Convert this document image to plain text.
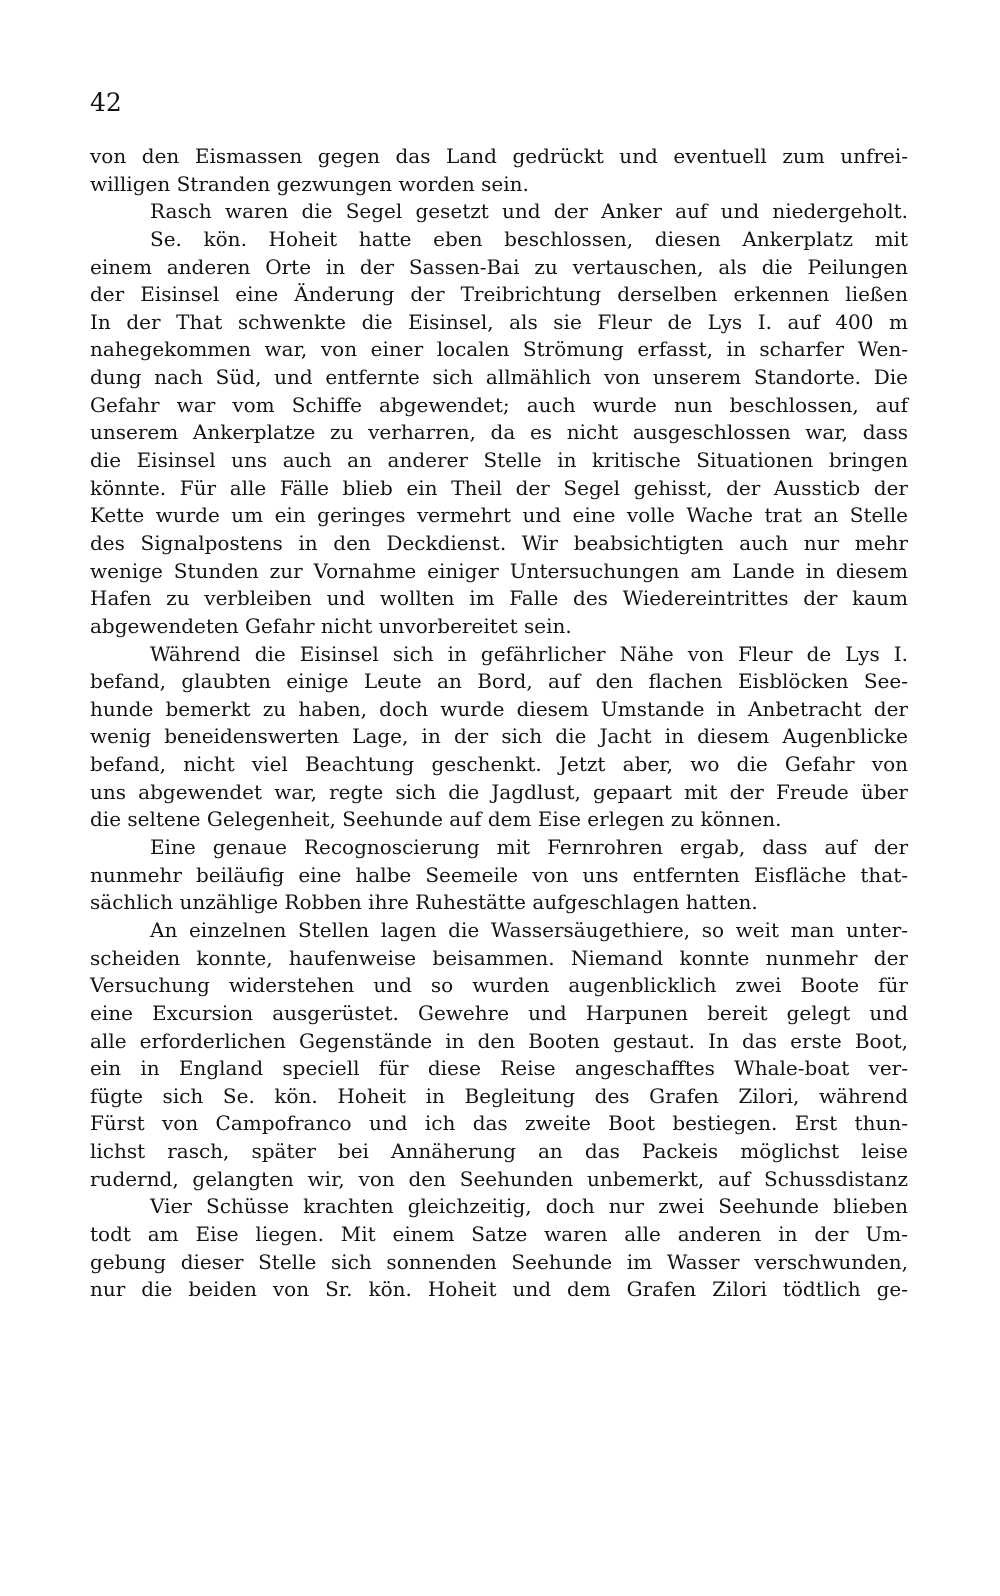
42
von den Eismassen gegen das Land gedrückt und eventuell zum unfrei-
willigen Stranden gezwungen worden sein.
Rasch waren die Segel gesetzt und der Anker auf und niedergeholt.
Se. kön. Hoheit hatte eben beschlossen, diesen Ankerplatz mit
einem anderen Orte in der Sassen-Bai zu vertauschen, als die Peilungen
der Eisinsel eine Änderung der Treibrichtung derselben erkennen ließen
In der That schwenkte die Eisinsel, als sie Fleur de Lys I. auf 400 m
nahegekommen war, von einer localen Strömung erfasst, in scharfer Wen-
dung nach Süd, und entfernte sich allmählich von unserem Standorte. Die
Gefahr war vom Schiffe abgewendet; auch wurde nun beschlossen, auf
unserem Ankerplatze zu verharren, da es nicht ausgeschlossen war, dass
die Eisinsel uns auch an anderer Stelle in kritische Situationen bringen
könnte. Für alle Fälle blieb ein Theil der Segel gehisst, der Aussticb der
Kette wurde um ein geringes vermehrt und eine volle Wache trat an Stelle
des Signalpostens in den Deckdienst. Wir beabsichtigten auch nur mehr
wenige Stunden zur Vornahme einiger Untersuchungen am Lande in diesem
Hafen zu verbleiben und wollten im Falle des Wiedereintrittes der kaum
abgewendeten Gefahr nicht unvorbereitet sein.
Während die Eisinsel sich in gefährlicher Nähe von Fleur de Lys I.
befand, glaubten einige Leute an Bord, auf den flachen Eisblöcken See-
hunde bemerkt zu haben, doch wurde diesem Umstande in Anbetracht der
wenig beneidenswerten Lage, in der sich die Jacht in diesem Augenblicke
befand, nicht viel Beachtung geschenkt. Jetzt aber, wo die Gefahr von
uns abgewendet war, regte sich die Jagdlust, gepaart mit der Freude über
die seltene Gelegenheit, Seehunde auf dem Eise erlegen zu können.
Eine genaue Recognoscierung mit Fernrohren ergab, dass auf der
nunmehr beiläufig eine halbe Seemeile von uns entfernten Eisfläche that-
sächlich unzählige Robben ihre Ruhestätte aufgeschlagen hatten.
An einzelnen Stellen lagen die Wassersäugethiere, so weit man unter-
scheiden konnte, haufenweise beisammen. Niemand konnte nunmehr der
Versuchung widerstehen und so wurden augenblicklich zwei Boote für
eine Excursion ausgerüstet. Gewehre und Harpunen bereit gelegt und
alle erforderlichen Gegenstände in den Booten gestaut. In das erste Boot,
ein in England speciell für diese Reise angeschafftes Whale-boat ver-
fügte sich Se. kön. Hoheit in Begleitung des Grafen Zilori, während
Fürst von Campofranco und ich das zweite Boot bestiegen. Erst thun-
lichst rasch, später bei Annäherung an das Packeis möglichst leise
rudernd, gelangten wir, von den Seehunden unbemerkt, auf Schussdistanz
Vier Schüsse krachten gleichzeitig, doch nur zwei Seehunde blieben
todt am Eise liegen. Mit einem Satze waren alle anderen in der Um-
gebung dieser Stelle sich sonnenden Seehunde im Wasser verschwunden,
nur die beiden von Sr. kön. Hoheit und dem Grafen Zilori tödtlich ge-
